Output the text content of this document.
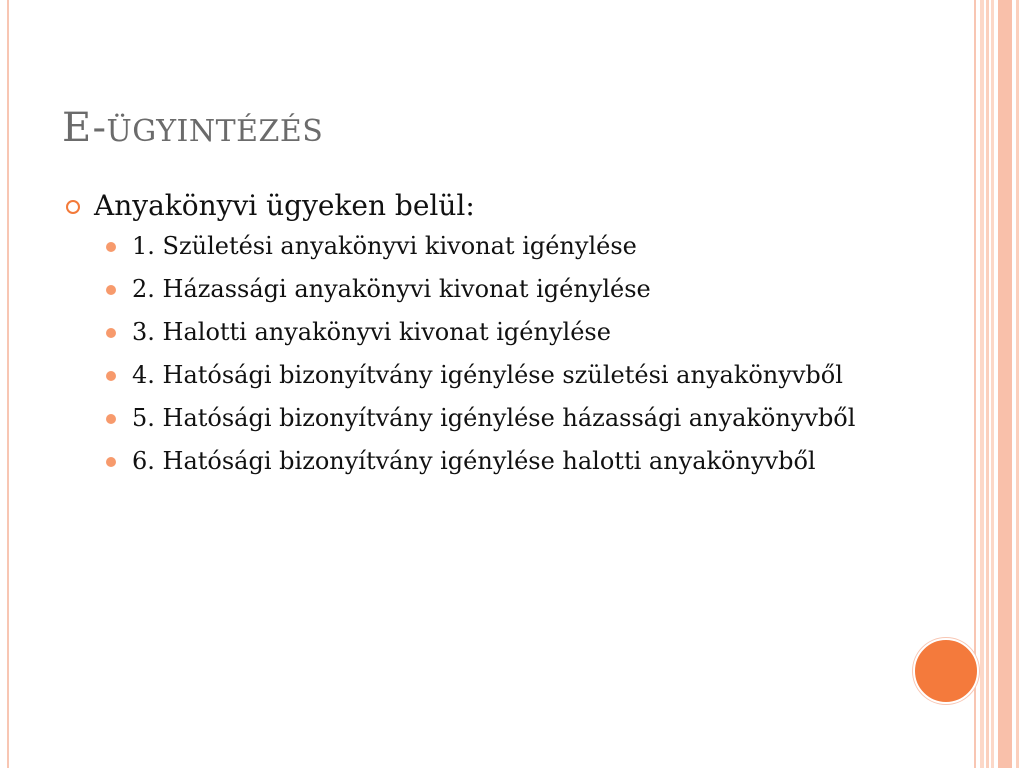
E-ÜGYINTÉZÉS
Anyakönyvi ügyeken belül:
1. Születési anyakönyvi kivonat igénylése
2. Házassági anyakönyvi kivonat igénylése
3. Halotti anyakönyvi kivonat igénylése
4. Hatósági bizonyítvány igénylése születési anyakönyvből
5. Hatósági bizonyítvány igénylése házassági anyakönyvből
6. Hatósági bizonyítvány igénylése halotti anyakönyvből
